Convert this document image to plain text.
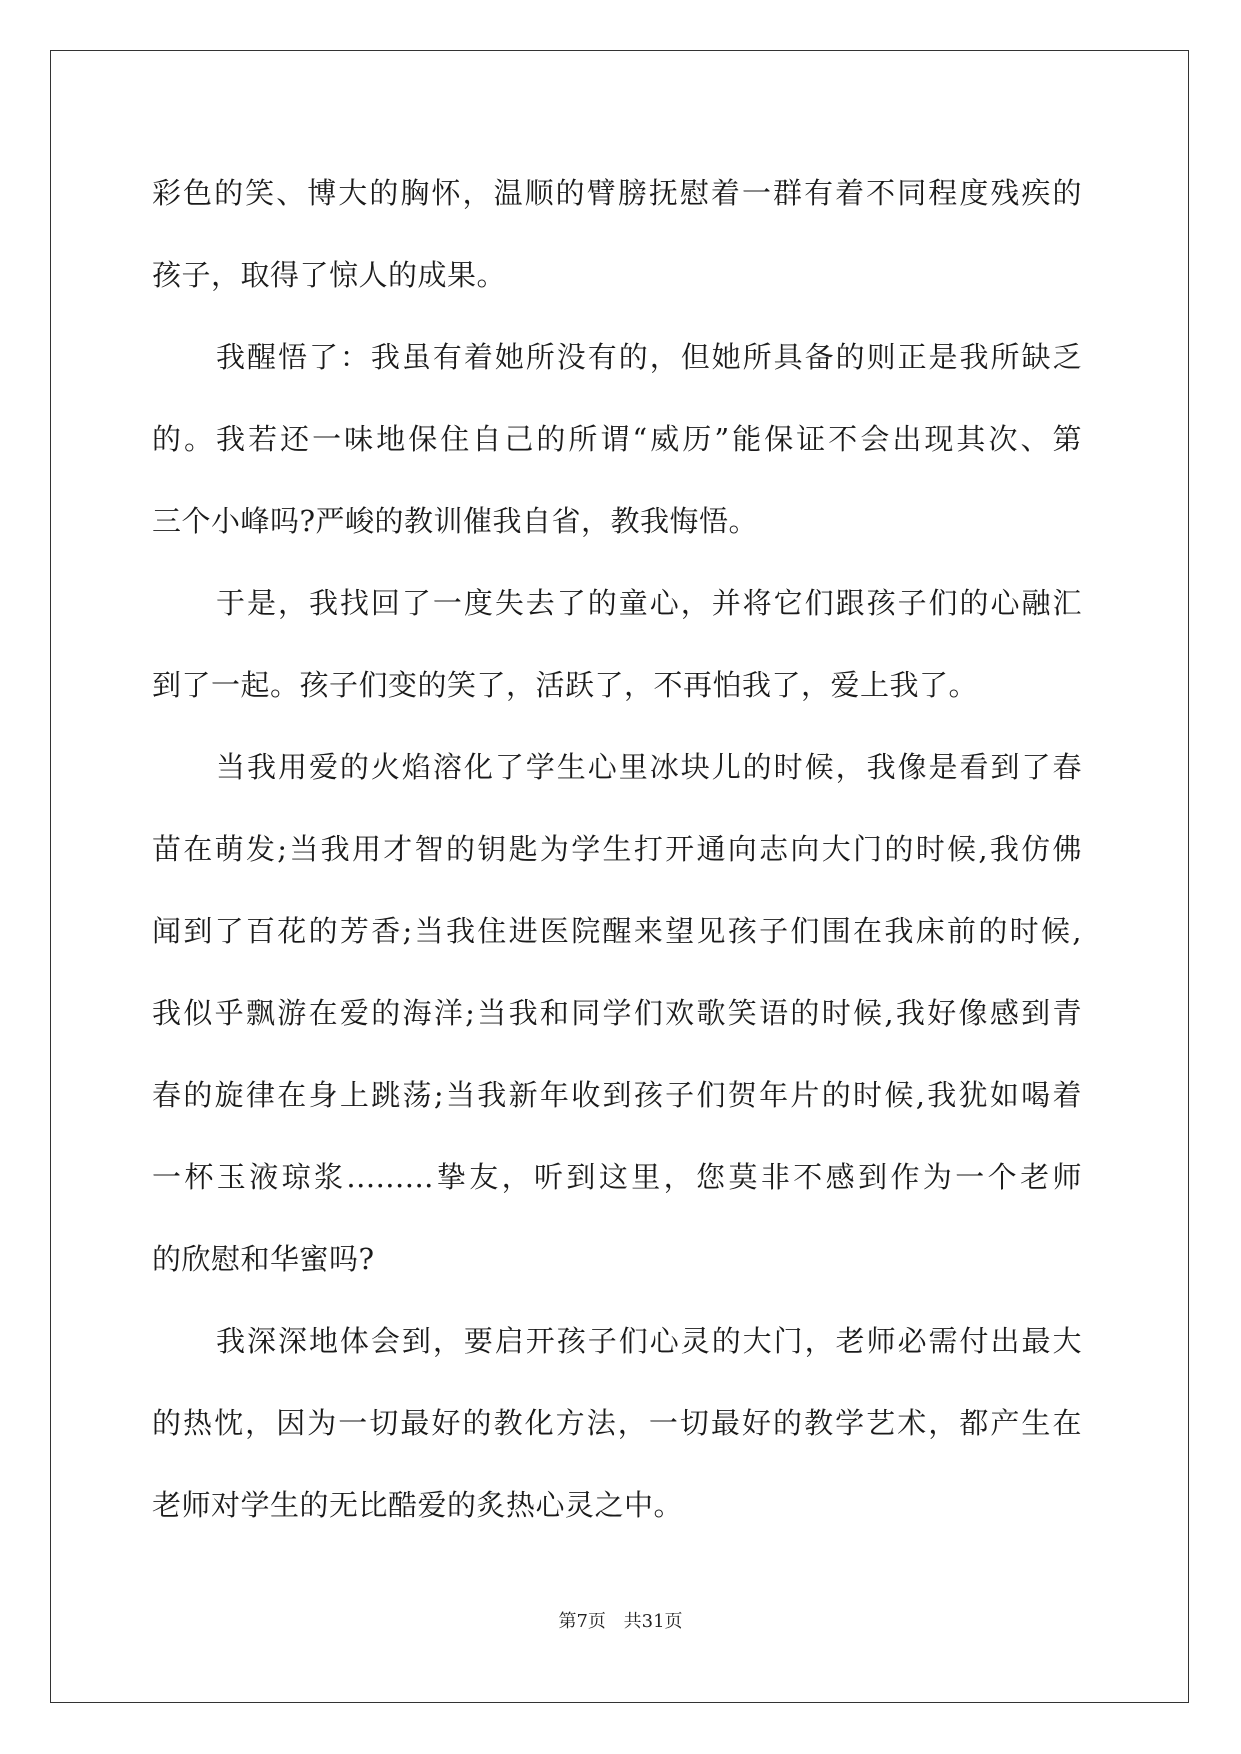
彩色的笑、博大的胸怀，温顺的臂膀抚慰着一群有着不同程度残疾的
孩子，取得了惊人的成果。
我醒悟了：我虽有着她所没有的，但她所具备的则正是我所缺乏
的。我若还一味地保住自己的所谓“威历”能保证不会出现其次、第
三个小峰吗?严峻的教训催我自省，教我悔悟。
于是，我找回了一度失去了的童心，并将它们跟孩子们的心融汇
到了一起。孩子们变的笑了，活跃了，不再怕我了，爱上我了。
当我用爱的火焰溶化了学生心里冰块儿的时候，我像是看到了春
苗在萌发;当我用才智的钥匙为学生打开通向志向大门的时候,我仿佛
闻到了百花的芳香;当我住进医院醒来望见孩子们围在我床前的时候,
我似乎飘游在爱的海洋;当我和同学们欢歌笑语的时候,我好像感到青
春的旋律在身上跳荡;当我新年收到孩子们贺年片的时候,我犹如喝着
一杯玉液琼浆.........挚友，听到这里，您莫非不感到作为一个老师
的欣慰和华蜜吗?
我深深地体会到，要启开孩子们心灵的大门，老师必需付出最大
的热忱，因为一切最好的教化方法，一切最好的教学艺术，都产生在
老师对学生的无比酷爱的炙热心灵之中。
第7页 共31页
